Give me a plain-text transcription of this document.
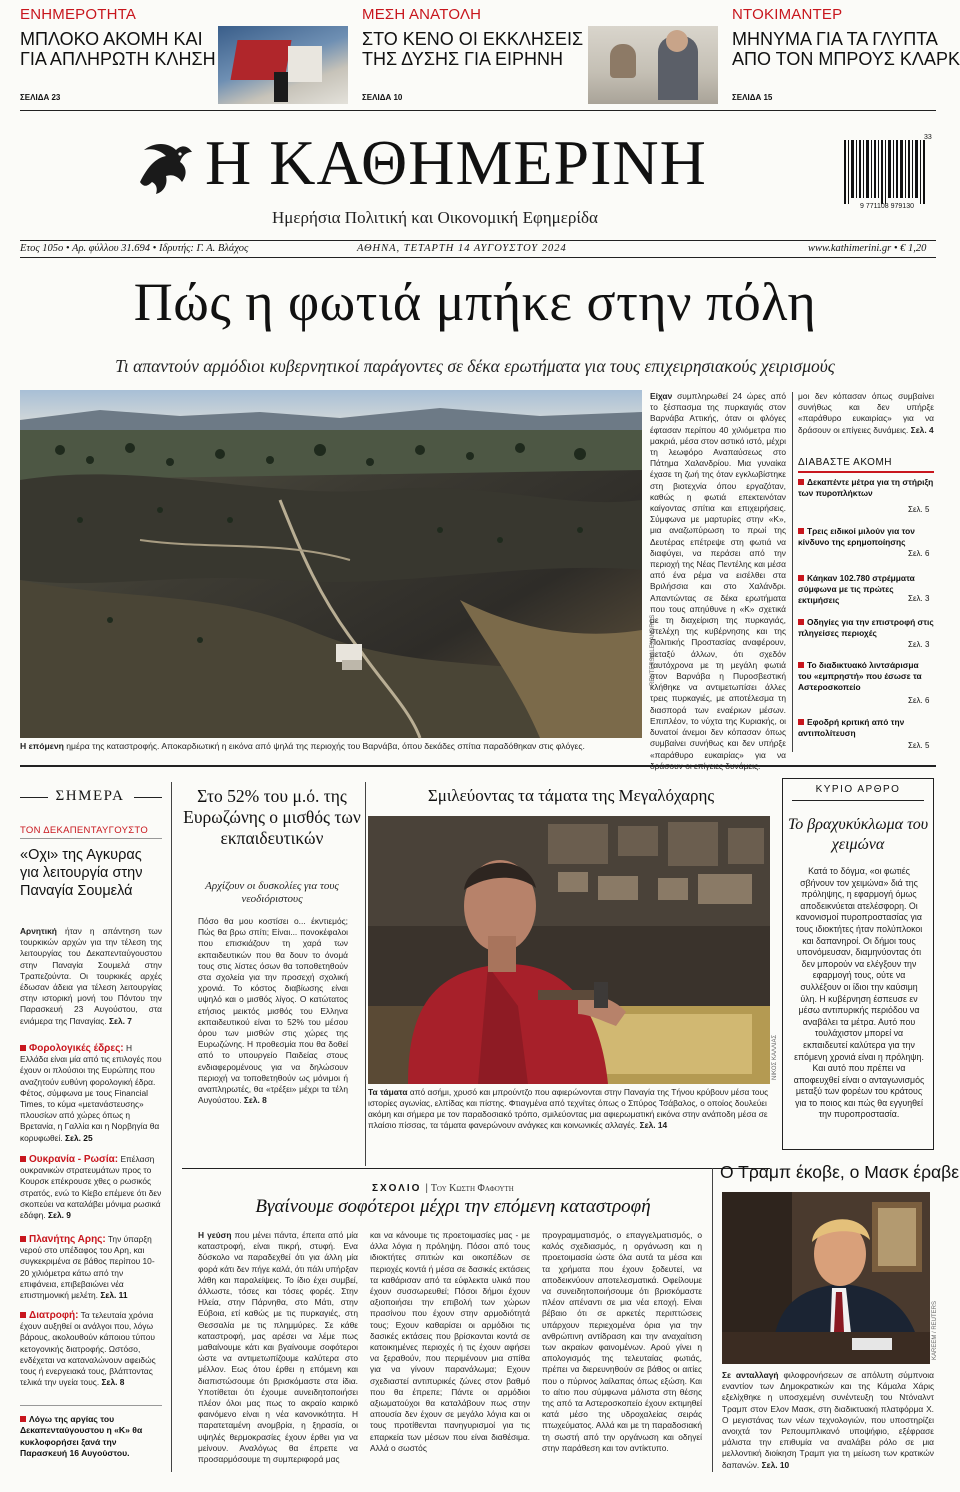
ΕΝΗΜΕΡΟΤΗΤΑ
ΜΠΛΟΚΟ ΑΚΟΜΗ ΚΑΙ
ΓΙΑ ΑΠΛΗΡΩΤΗ ΚΛΗΣΗ
ΣΕΛΙΔΑ 23
ΜΕΣΗ ΑΝΑΤΟΛΗ
ΣΤΟ ΚΕΝΟ ΟΙ ΕΚΚΛΗΣΕΙΣ
ΤΗΣ ΔΥΣΗΣ ΓΙΑ ΕΙΡΗΝΗ
ΣΕΛΙΔΑ 10
ΝΤΟΚΙΜΑΝΤΕΡ
ΜΗΝΥΜΑ ΓΙΑ ΤΑ ΓΛΥΠΤΑ
ΑΠΟ ΤΟΝ ΜΠΡΟΥΣ ΚΛΑΡΚ
ΣΕΛΙΔΑ 15
Η ΚΑΘΗΜΕΡΙΝΗ
Ημερήσια Πολιτική και Οικονομική Εφημερίδα
33
9 771108 979130
Ετος 105ο • Αρ. φύλλου 31.694 • Ιδρυτής: Γ. Α. Βλάχος	ΑΘΗΝΑ, ΤΕΤΑΡΤΗ 14 ΑΥΓΟΥΣΤΟΥ 2024	www.kathimerini.gr • € 1,20
Πώς η φωτιά μπήκε στην πόλη
Τι απαντούν αρμόδιοι κυβερνητικοί παράγοντες σε δέκα ερωτήματα για τους επιχειρησιακούς χειρισμούς
REUTERS/ALEXANDROS
Η επόμενη ημέρα της καταστροφής. Αποκαρδιωτική η εικόνα από ψηλά της περιοχής του Βαρνάβα, όπου δεκάδες σπίτια παραδόθηκαν στις φλόγες.
Είχαν συμπληρωθεί 24 ώρες από το ξέσπασμα της πυρκαγιάς στον Βαρνάβα Αττικής, όταν οι φλόγες έφτασαν περίπου 40 χιλιόμετρα πιο μακριά, μέσα στον αστικό ιστό, μέχρι τη λεωφόρο Αναπαύσεως στο Πάτημα Χαλανδρίου. Μια γυναίκα έχασε τη ζωή της όταν εγκλωβίστηκε στη βιοτεχνία όπου εργαζόταν, καθώς η φωτιά επεκτεινόταν καίγοντας σπίτια και επιχειρήσεις. Σύμφωνα με μαρτυρίες στην «Κ», μια αναζωπύρωση το πρωί της Δευτέρας επέτρεψε στη φωτιά να διαφύγει, να περάσει από την περιοχή της Νέας Πεντέλης και μέσα από ένα ρέμα να εισέλθει στα Βριλήσσια και στο Χαλάνδρι. Απαντώντας σε δέκα ερωτήματα που τους απηύθυνε η «Κ» σχετικά με τη διαχείριση της πυρκαγιάς, στελέχη της κυβέρνησης και της Πολιτικής Προστασίας αναφέρουν, μεταξύ άλλων, ότι σχεδόν ταυτόχρονα με τη μεγάλη φωτιά στον Βαρνάβα η Πυροσβεστική κλήθηκε να αντιμετωπίσει άλλες τρεις πυρκαγιές, με αποτέλεσμα τη διασπορά των εναέριων μέσων. Επιπλέον, το νύχτα της Κυριακής, οι δυνατοί άνεμοι δεν κόπασαν όπως συμβαίνει συνήθως και δεν υπήρξε «παράθυρο ευκαιρίας» για να
μοι δεν κόπασαν όπως συμβαίνει συνήθως και δεν υπήρξε «παράθυρο ευκαιρίας» για να δράσουν οι επίγειες δυνάμεις. Σελ. 4
ΔΙΑΒΑΣΤΕ ΑΚΟΜΗ
Δεκαπέντε μέτρα για τη στήριξη των πυροπλήκτων
Σελ. 5
Τρεις ειδικοί μιλούν για τον κίνδυνο της ερημοποίησης
Σελ. 6
Κάηκαν 102.780 στρέμματα σύμφωνα με τις πρώτες εκτιμήσεις	Σελ. 3
Οδηγίες για την επιστροφή στις πληγείσες περιοχές
Σελ. 3
Το διαδικτυακό λιντσάρισμα του «εμπρηστή» που έσωσε τα Αστεροσκοπείο
Σελ. 6
Εφοδρή κριτική από την αντιπολίτευση
Σελ. 5
ΣΗΜΕΡΑ
ΤΟΝ ΔΕΚΑΠΕΝΤΑΥΓΟΥΣΤΟ
«Οχι» της Αγκυρας για λειτουργία στην Παναγία Σουμελά
Αρνητική ήταν η απάντηση των τουρκικών αρχών για την τέλεση της λειτουργίας του Δεκαπενταύγουστου στην Παναγία Σουμελά στην Τραπεζούντα. Οι τουρκικές αρχές έδωσαν άδεια για τέλεση λειτουργίας στην ιστορική μονή του Πόντου την Παρασκευή 23 Αυγούστου, στα ενιάμερα της Παναγίας. Σελ. 7
Φορολογικές έδρες: Η Ελλάδα είναι μία από τις επιλογές που έχουν οι πλούσιοι της Ευρώπης που αναζητούν ευθύνη φορολογική έδρα. Φέτος, σύμφωνα με τους Financial Times, το κύμα «μετανάστευσης» πλουσίων από χώρες όπως η Βρετανία, η Γαλλία και η Νορβηγία θα κορυφωθεί. Σελ. 25
Ουκρανία - Ρωσία: Επέλαση ουκρανικών στρατευμάτων προς το Κουρσκ επέκρουσε χθες ο ρωσικός στρατός, ενώ το Κίεβο επέμενε ότι δεν σκοπεύει να καταλάβει μόνιμα ρωσικά εδάφη. Σελ. 9
Πλανήτης Αρης: Την ύπαρξη νερού στο υπέδαφος του Αρη, και συγκεκριμένα σε βάθος περίπου 10-20 χιλιόμετρα κάτω από την επιφάνεια, επιβεβαιώνει νέα επιστημονική μελέτη. Σελ. 11
Διατροφή: Τα τελευταία χρόνια έχουν αυξηθεί οι ανάλγοι που, λόγω βάρους, ακολουθούν κάποιου τύπου κετογονικής διατροφής. Ωστόσο, ενδέχεται να καταναλώνουν αφειδώς τους ή ενεργειακά τους, βλάπτοντας τελικά την υγεία τους. Σελ. 8
Λόγω της αργίας του Δεκαπενταύγουστου η «Κ» θα κυκλοφορήσει ξανά την Παρασκευή 16 Αυγούστου.
Στο 52% του μ.ό. της Ευρωζώνης ο μισθός των εκπαιδευτικών
Αρχίζουν οι δυσκολίες για τους νεοδιόριστους
Πόσο θα μου κοστίσει ο... έκντιεμός; Πώς θα βρω σπίτι; Είναι... πονοκέφαλοι που επισκιάζουν τη χαρά των εκπαιδευτικών που θα δουν το όνομά τους στις λίστες όσων θα τοποθετηθούν στα σχολεία για την προσεχή σχολική χρονιά. Το κόστος διαβίωσης είναι υψηλό και ο μισθός λίγος. Ο κατώτατος ετήσιος μεικτός μισθός του Ελληνα εκπαιδευτικού είναι το 52% του μέσου όρου των μισθών στις χώρες της Ευρωζώνης. Η προθεσμία που θα δοθεί από το υπουργείο Παιδείας στους ενδιαφερομένους για να δηλώσουν περιοχή να τοποθετηθούν ως μόνιμοι ή αναπληρωτές, θα «τρέξει» μέχρι τα τέλη Αυγούστου. Σελ. 8
Σμιλεύοντας τα τάματα της Μεγαλόχαρης
ΝΙΚΟΣ ΚΑΛΛΙΑΣ
Τα τάματα από ασήμι, χρυσό και μπρούντζο που αφιερώνονται στην Παναγία της Τήνου κρύβουν μέσα τους ιστορίες αγωνίας, ελπίδας και πίστης. Φτιαγμένα από τεχνίτες όπως ο Σπύρος Τσάβαλος, ο οποίος δουλεύει ακόμη και σήμερα με τον παραδοσιακό τρόπο, σμιλεύοντας μια αφιερωματική εικόνα στην ανάποδη μέσα σε πλαίσιο πίσσας, τα τάματα φανερώνουν ανάγκες και κοινωνικές αλλαγές. Σελ. 14
ΚΥΡΙΟ ΑΡΘΡΟ
Το βραχυκύκλωμα του χειμώνα
Κατά το δόγμα, «οι φωτιές σβήνουν τον χειμώνα» διά της πρόληψης, η εφαρμογή όμως αποδεικνύεται ατελέσφορη. Οι κανονισμοί πυροπροστασίας για τους ιδιοκτήτες ήταν πολύπλοκοι και δαπανηροί. Οι δήμοι τους υπονόμευσαν, διαμηνύοντας ότι δεν μπορούν να ελέγξουν την εφαρμογή τους, ούτε να συλλέξουν οι ίδιοι την καύσιμη ύλη. Η κυβέρνηση έσπευσε εν μέσω αντιπυρικής περιόδου να αναβάλει τα μέτρα. Αυτό που τουλάχιστον μπορεί να εκπαιδευτεί καλύτερα για την επόμενη χρονιά είναι η πρόληψη. Και αυτό που πρέπει να αποφευχθεί είναι ο ανταγωνισμός μεταξύ των φορέων του κράτους για το ποιος και πώς θα εγγυηθεί την πυροπροστασία.
ΣΧΟΛΙΟ | Του Κωστη Φαφουτη
Βγαίνουμε σοφότεροι μέχρι την επόμενη καταστροφή
Η γεύση που μένει πάντα, έπειτα από μία καταστροφή, είναι πικρή, στυφή. Ενα δύσκολο να παραδεχθεί ότι για άλλη μία φορά κάτι δεν πήγε καλά, ότι πάλι υπήρξαν λάθη και παραλείψεις. Το ίδιο έχει συμβεί, άλλωστε, τόσες και τόσες φορές. Στην Ηλεία, στην Πάρνηθα, στο Μάτι, στην Εύβοια, ετί καθώς με τις πυρκαγιές, στη Θεσσαλία με τις πλημμύρες. Σε κάθε καταστροφή, μας αρέσει να λέμε πως μαθαίνουμε κάτι και βγαίνουμε σοφότεροι ώστε να αντιμετωπίζουμε καλύτερα στο μέλλον. Εως ότου έρθει η επόμενη και διαπιστώσουμε ότι βρισκόμαστε στα ίδια. Υποτίθεται ότι έχουμε αυνειδητοποιήσει πλέον όλοι μας πως το ακραίο καιρικό φαινόμενο είναι η νέα κανονικότητα. Η παρατεταμένη ανομβρία, η ξηρασία, οι υψηλές θερμοκρασίες έχουν έρθει για να μείνουν. Αναλόγως θα έπρεπε να προσαρμόσουμε τη συμπεριφορά μας
και να κάνουμε τις προετοιμασίες μας - με άλλα λόγια η πρόληψη. Πόσοι από τους ιδιοκτήτες σπιτιών και οικοπέδων σε περιοχές κοντά ή μέσα σε δασικές εκτάσεις τα καθάρισαν από τα εύφλεκτα υλικά που έχουν συσσωρευθεί; Πόσοι δήμοι έχουν αξιοποιήσει την επιβολή των χώρων πρασίνου που έχουν στην αρμοδιότητά τους; Εχουν καθαρίσει οι αρμόδιοι τις δασικές εκτάσεις που βρίσκονται κοντά σε κατοικημένες περιοχές ή τις έχουν αφήσει να ξεραθούν, που περιμένουν μια σπίθα για να γίνουν παρανάλωμα; Εχουν σχεδιαστεί αντιπυρικές ζώνες στον βαθμό που θα έπρεπε; Πάντε οι αρμόδιοι αξιωματούχοι θα καταλάβουν πως στην απουσία δεν έχουν σε μεγάλο λόγια και οι τους προτίθενται πανηγυρισμοί για τις επαρκεία των μέσων που είναι διαθέσιμα. Αλλά ο σωστός
προγραμματισμός, ο επαγγελματισμός, ο καλός σχεδιασμός, η οργάνωση και η προετοιμασία ώστε όλα αυτά τα μέσα και τα χρήματα που έχουν ξοδευτεί, να αποδεικνύουν αποτελεσματικά. Οφείλουμε να συνειδητοποιήσουμε ότι βρισκόμαστε πλέον απέναντι σε μια νέα εποχή. Είναι βέβαιο ότι σε αρκετές περιπτώσεις υπάρχουν περιεχομένα όρια για την ανθρώπινη αντίδραση και την αναχαίτιση των ακραίων φαινομένων. Αρού γίνει η απολογισμός της τελευταίας φωτιάς, πρέπει να διερευνηθούν σε βάθος οι αιτίες που ο πύρινος λαίλαπας όπως εξώση. Και το αίτιο που σύμφωνα μάλιστα στη θέσης της από τα Αστεροσκοπείο έχουν εκτιμηθεί κατά μέσο της υδροχαλείας σειράς πτωχεύματος. Αλλά και με τη παραδοσιακή τη σωστή από την οργάνωση και οδηγεί στην παράθεση και τον αντίκτυπο.
Ο Τραμπ έκοβε, ο Μασκ έραβε
KAREEM / REUTERS
Σε ανταλλαγή φιλοφρονήσεων σε απόλυτη σύμπνοια εναντίον των Δημοκρατικών και της Κάμαλα Χάρις εξελίχθηκε η υποσχεμένη συνέντευξη του Ντόναλντ Τραμπ στον Ελον Μασκ, στη διαδικτυακή πλατφόρμα Χ. Ο μεγιστάνας των νέων τεχνολογιών, που υποστηρίζει ανοιχτά τον Ρεπουμπλικανό υποψήφιο, εξέφρασε μάλιστα την επιθυμία να αναλάβει ρόλο σε μια μελλοντική διοίκηση Τραμπ για τη μείωση των κρατικών δαπανών. Σελ. 10
